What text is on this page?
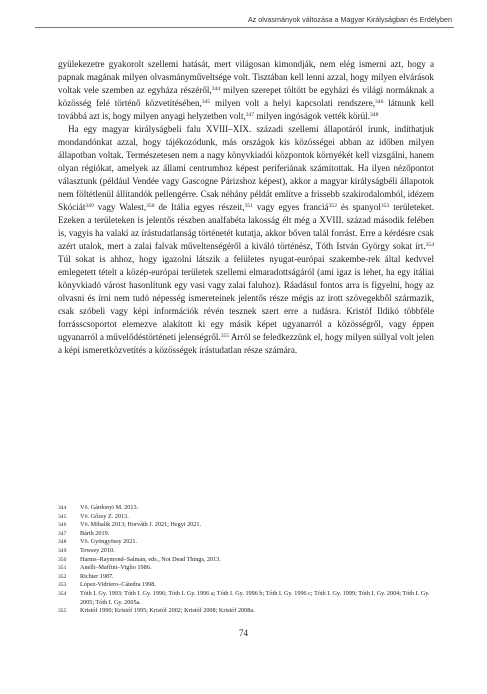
Az olvasmányok változása a Magyar Királyságban és Erdélyben

gyülekezetre gyakorolt szellemi hatását, mert világosan kimondják, nem elég ismerni azt, hogy a papnak magának milyen olvasmányműveltsége volt. Tisztában kell lenni azzal, hogy milyen elvárások voltak vele szemben az egyháza részéről,$^{344}$ milyen szerepet töltött be egyházi és világi normáknak a közösség felé történő közvetítésében,$^{345}$ milyen volt a helyi kapcsolati rendszere,$^{346}$ látnunk kell továbbá azt is, hogy milyen anyagi helyzetben volt,$^{347}$ milyen ingóságok vették körül.$^{348}$

Ha egy magyar királyságbeli falu XVIII–XIX. századi szellemi állapotáról írunk, indíthatjuk mondandónkat azzal, hogy tájékozódunk, más országok kis közösségei abban az időben milyen állapotban voltak. Természetesen nem a nagy könyvkiadói központok környékét kell vizsgálni, hanem olyan régiókat, amelyek az állami centrumhoz képest periferiának számítottak. Ha ilyen nézőpontot választunk (például Vendée vagy Gascogne Párizshoz képest), akkor a magyar királyságbéli állapotok nem föltétlenül állítandók pellengérre. Csak néhány példát említve a frissebb szakirodalomból, idézem Skóciát$^{349}$ vagy Walest,$^{350}$ de Itália egyes részeit,$^{351}$ vagy egyes franciá$^{352}$ és spanyol$^{353}$ területeket. Ezeken a területeken is jelentős részben analfabéta lakosság élt még a XVIII. század második felében is, vagyis ha valaki az írástudatlanság történetét kutatja, akkor bőven talál forrást. Erre a kérdésre csak azért utalok, mert a zalai falvak műveltenségéről a kiváló történész, Tóth István György sokat írt.$^{354}$ Túl sokat is ahhoz, hogy igazolni látszik a felületes nyugat-európai szakembe-rek által kedvvel emlegetett tételt a közép-európai területek szellemi elmaradottságáról (ami igaz is lehet, ha egy itáliai könyvkiadó várost hasonlítunk egy vasi vagy zalai faluhoz). Ráadásul fontos arra is figyelni, hogy az olvasni és írni nem tudó népesség ismereteinek jelentős része mégis az írott szövegekből származik, csak szóbeli vagy képi információk révén tesznek szert erre a tudásra. Kristóf Ildikó többféle forrásscsoportot elemezve alakított ki egy másik képet ugyanarról a közösségről, vagy éppen ugyanarról a művelődéstörténeti jelenségről.$^{355}$ Arról se feledkezzünk el, hogy milyen súllyal volt jelen a képi ismeretközvetítés a közösségek írástudatlan része számára.

344	Vö. Gárdonyi M. 2013.
345	Vö. Gőzsy Z. 2013.
346	Vö. Mihalik 2013; Horváth J. 2021; Hegyi 2021.
347	Bárth 2019.
348	Vö. Gyöngyössy 2021.
349	Towsey 2010.
350	Harms–Raymond–Salman, eds., Not Dead Things, 2013.
351	Anelli–Maffini–Viglio 1986.
352	Richter 1987.
353	López-Vidriero–Cátedra 1998.
354	Tóth I. Gy. 1993; Tóth I. Gy. 1996; Tóth I. Gy. 1996 a; Tóth I. Gy. 1996 b; Tóth I. Gy. 1996 c; Tóth I. Gy. 1999; Tóth I. Gy. 2004; Tóth I. Gy. 2005; Tóth I. Gy. 2005a.
355	Kristóf 1990; Kristóf 1995; Kristóf 2002; Kristóf 2008; Kristóf 2008a.
74
